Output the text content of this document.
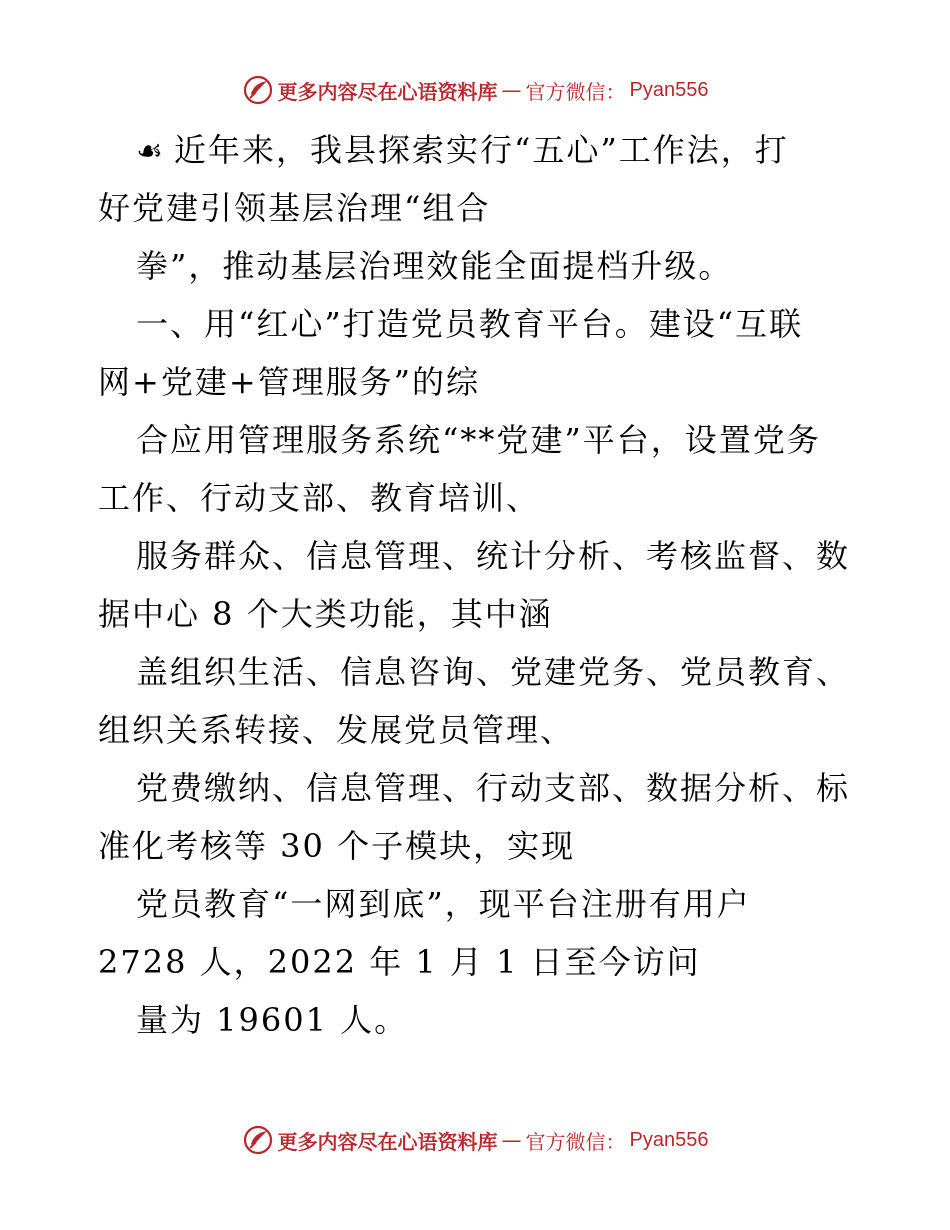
更多内容尽在心语资料库 — 官方微信： Pyan556
☙ 近年来，我县探索实行“五心”工作法，打
好党建引领基层治理“组合
拳”，推动基层治理效能全面提档升级。
一、用“红心”打造党员教育平台。建设“互联
网+党建+管理服务”的综
合应用管理服务系统“**党建”平台，设置党务
工作、行动支部、教育培训、
服务群众、信息管理、统计分析、考核监督、数
据中心 8 个大类功能，其中涵
盖组织生活、信息咨询、党建党务、党员教育、
组织关系转接、发展党员管理、
党费缴纳、信息管理、行动支部、数据分析、标
准化考核等 30 个子模块，实现
党员教育“一网到底”，现平台注册有用户
2728 人，2022 年 1 月 1 日至今访问
量为 19601 人。
更多内容尽在心语资料库 — 官方微信： Pyan556
